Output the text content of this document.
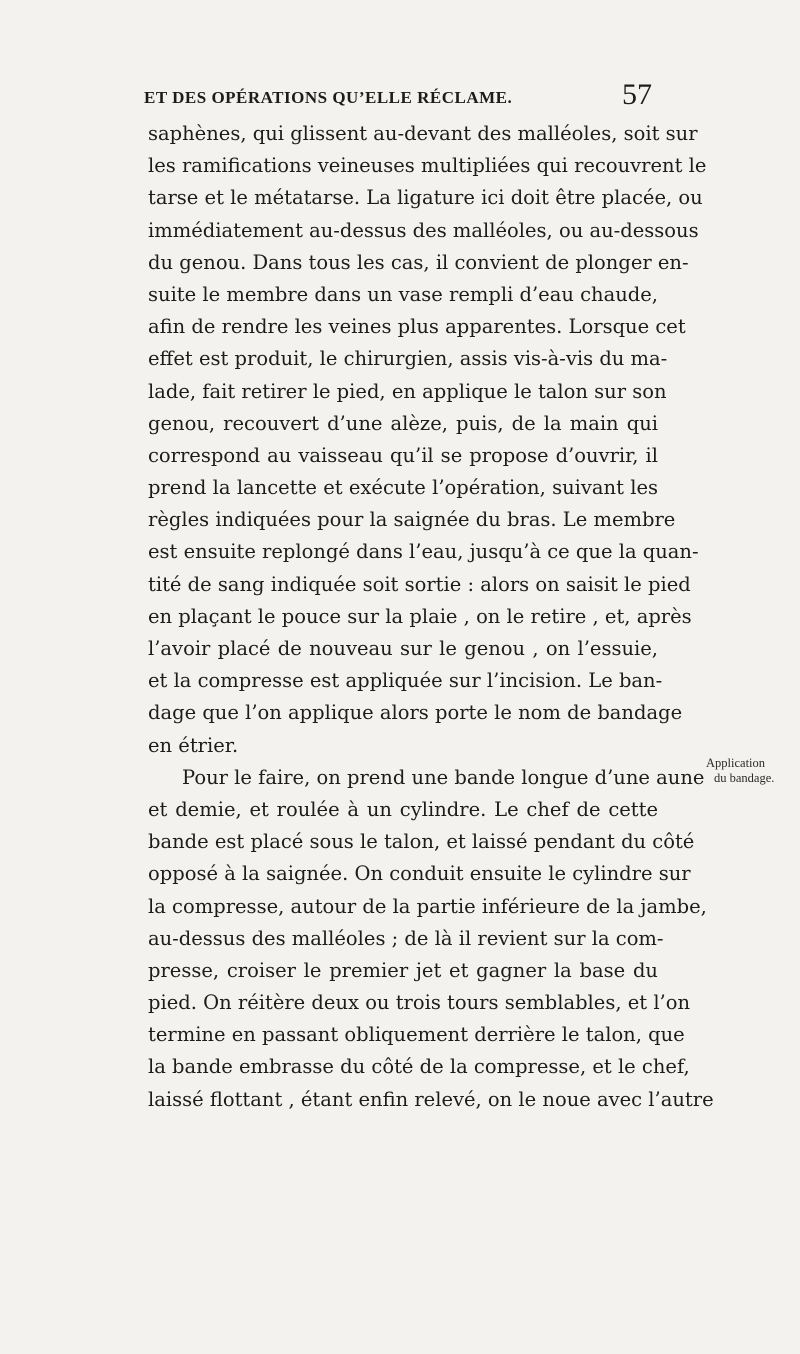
ET DES OPÉRATIONS QU’ELLE RÉCLAME.	57
saphènes, qui glissent au-devant des malléoles, soit sur
les ramifications veineuses multipliées qui recouvrent le
tarse et le métatarse. La ligature ici doit être placée, ou
immédiatement au-dessus des malléoles, ou au-dessous
du genou. Dans tous les cas, il convient de plonger en-
suite le membre dans un vase rempli d’eau chaude,
afin de rendre les veines plus apparentes. Lorsque cet
effet est produit, le chirurgien, assis vis-à-vis du ma-
lade, fait retirer le pied, en applique le talon sur son
genou, recouvert d’une alèze, puis, de la main qui
correspond au vaisseau qu’il se propose d’ouvrir, il
prend la lancette et exécute l’opération, suivant les
règles indiquées pour la saignée du bras. Le membre
est ensuite replongé dans l’eau, jusqu’à ce que la quan-
tité de sang indiquée soit sortie : alors on saisit le pied
en plaçant le pouce sur la plaie , on le retire , et, après
l’avoir placé de nouveau sur le genou , on l’essuie,
et la compresse est appliquée sur l’incision. Le ban-
dage que l’on applique alors porte le nom de bandage
en étrier.
Pour le faire, on prend une bande longue d’une aune
et demie, et roulée à un cylindre. Le chef de cette
bande est placé sous le talon, et laissé pendant du côté
opposé à la saignée. On conduit ensuite le cylindre sur
la compresse, autour de la partie inférieure de la jambe,
au-dessus des malléoles ; de là il revient sur la com-
presse, croiser le premier jet et gagner la base du
pied. On réitère deux ou trois tours semblables, et l’on
termine en passant obliquement derrière le talon, que
la bande embrasse du côté de la compresse, et le chef,
laissé flottant , étant enfin relevé, on le noue avec l’autre
Application
du bandage.
